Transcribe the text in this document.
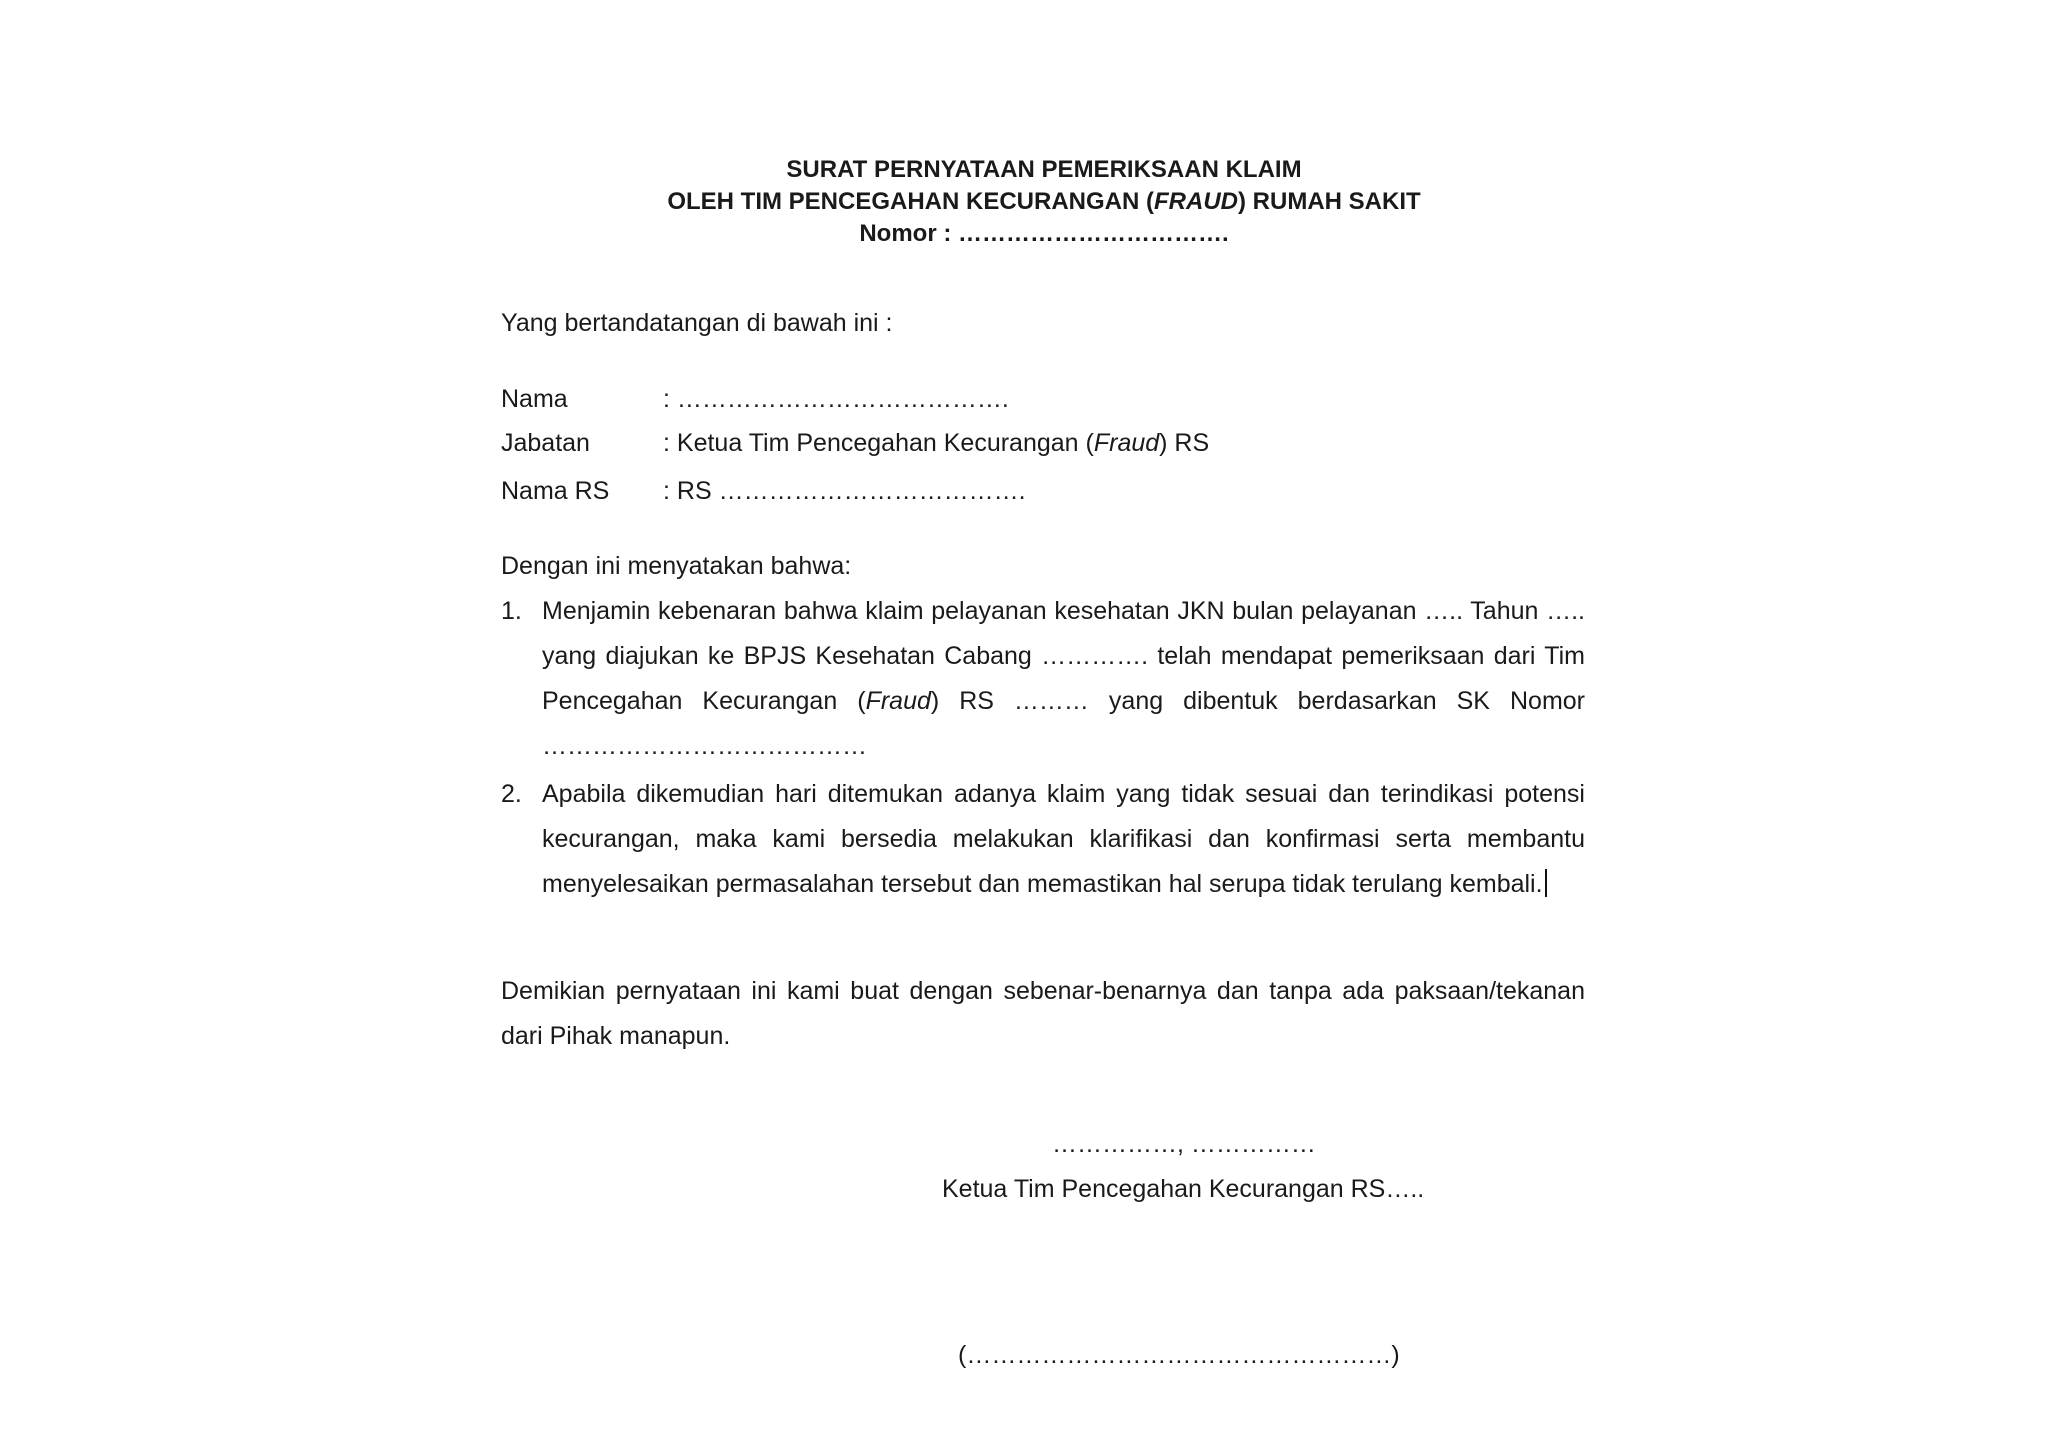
SURAT PERNYATAAN PEMERIKSAAN KLAIM
OLEH TIM PENCEGAHAN KECURANGAN (FRAUD) RUMAH SAKIT
Nomor : …………………………….
Yang bertandatangan di bawah ini :
Nama	: ………………………………….
Jabatan	: Ketua Tim Pencegahan Kecurangan (Fraud) RS
Nama RS : RS ……………………………….
Dengan ini menyatakan bahwa:
1. Menjamin kebenaran bahwa klaim pelayanan kesehatan JKN bulan pelayanan ….. Tahun ….. yang diajukan ke BPJS Kesehatan Cabang …………. telah mendapat pemeriksaan dari Tim Pencegahan Kecurangan (Fraud) RS ……… yang dibentuk berdasarkan SK Nomor …………………………………
2. Apabila dikemudian hari ditemukan adanya klaim yang tidak sesuai dan terindikasi potensi kecurangan, maka kami bersedia melakukan klarifikasi dan konfirmasi serta membantu menyelesaikan permasalahan tersebut dan memastikan hal serupa tidak terulang kembali.
Demikian pernyataan ini kami buat dengan sebenar-benarnya dan tanpa ada paksaan/tekanan dari Pihak manapun.
……………, ……………
Ketua Tim Pencegahan Kecurangan RS…..
(……………………………………………)
